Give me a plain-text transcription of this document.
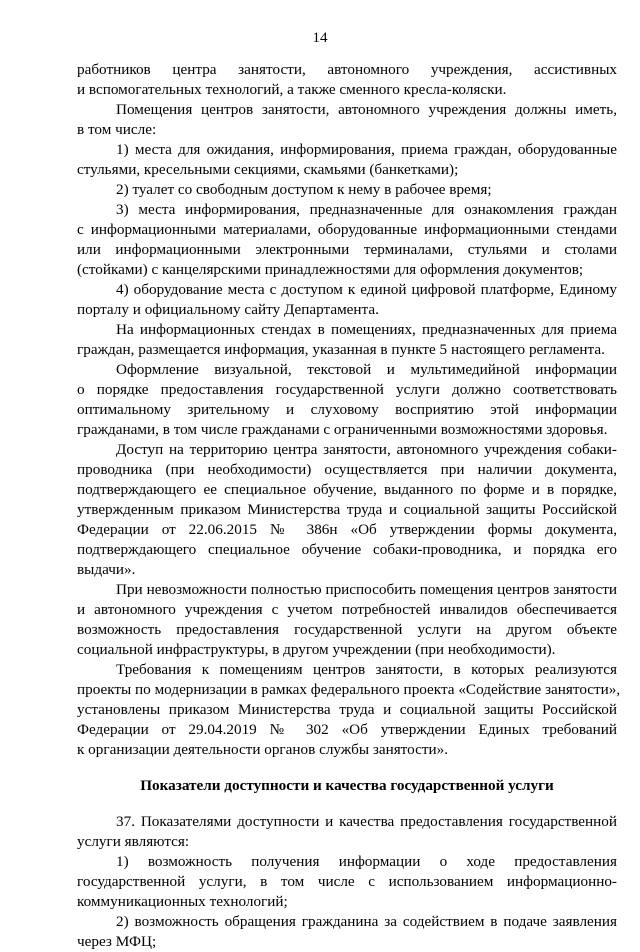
14
работников центра занятости, автономного учреждения, ассистивных
и вспомогательных технологий, а также сменного кресла-коляски.
Помещения центров занятости, автономного учреждения должны иметь,
в том числе:
1) места для ожидания, информирования, приема граждан, оборудованные
стульями, кресельными секциями, скамьями (банкетками);
2) туалет со свободным доступом к нему в рабочее время;
3) места информирования, предназначенные для ознакомления граждан
с информационными материалами, оборудованные информационными стендами
или информационными электронными терминалами, стульями и столами
(стойками) с канцелярскими принадлежностями для оформления документов;
4) оборудование места с доступом к единой цифровой платформе, Единому
порталу и официальному сайту Департамента.
На информационных стендах в помещениях, предназначенных для приема
граждан, размещается информация, указанная в пункте 5 настоящего регламента.
Оформление визуальной, текстовой и мультимедийной информации
о порядке предоставления государственной услуги должно соответствовать
оптимальному зрительному и слуховому восприятию этой информации
гражданами, в том числе гражданами с ограниченными возможностями здоровья.
Доступ на территорию центра занятости, автономного учреждения собаки-
проводника (при необходимости) осуществляется при наличии документа,
подтверждающего ее специальное обучение, выданного по форме и в порядке,
утвержденным приказом Министерства труда и социальной защиты Российской
Федерации от 22.06.2015 № 386н «Об утверждении формы документа,
подтверждающего специальное обучение собаки-проводника, и порядка его
выдачи».
При невозможности полностью приспособить помещения центров занятости
и автономного учреждения с учетом потребностей инвалидов обеспечивается
возможность предоставления государственной услуги на другом объекте
социальной инфраструктуры, в другом учреждении (при необходимости).
Требования к помещениям центров занятости, в которых реализуются
проекты по модернизации в рамках федерального проекта «Содействие занятости»,
установлены приказом Министерства труда и социальной защиты Российской
Федерации от 29.04.2019 № 302 «Об утверждении Единых требований
к организации деятельности органов службы занятости».
Показатели доступности и качества государственной услуги
37. Показателями доступности и качества предоставления государственной
услуги являются:
1) возможность получения информации о ходе предоставления
государственной услуги, в том числе с использованием информационно-
коммуникационных технологий;
2) возможность обращения гражданина за содействием в подаче заявления
через МФЦ;
